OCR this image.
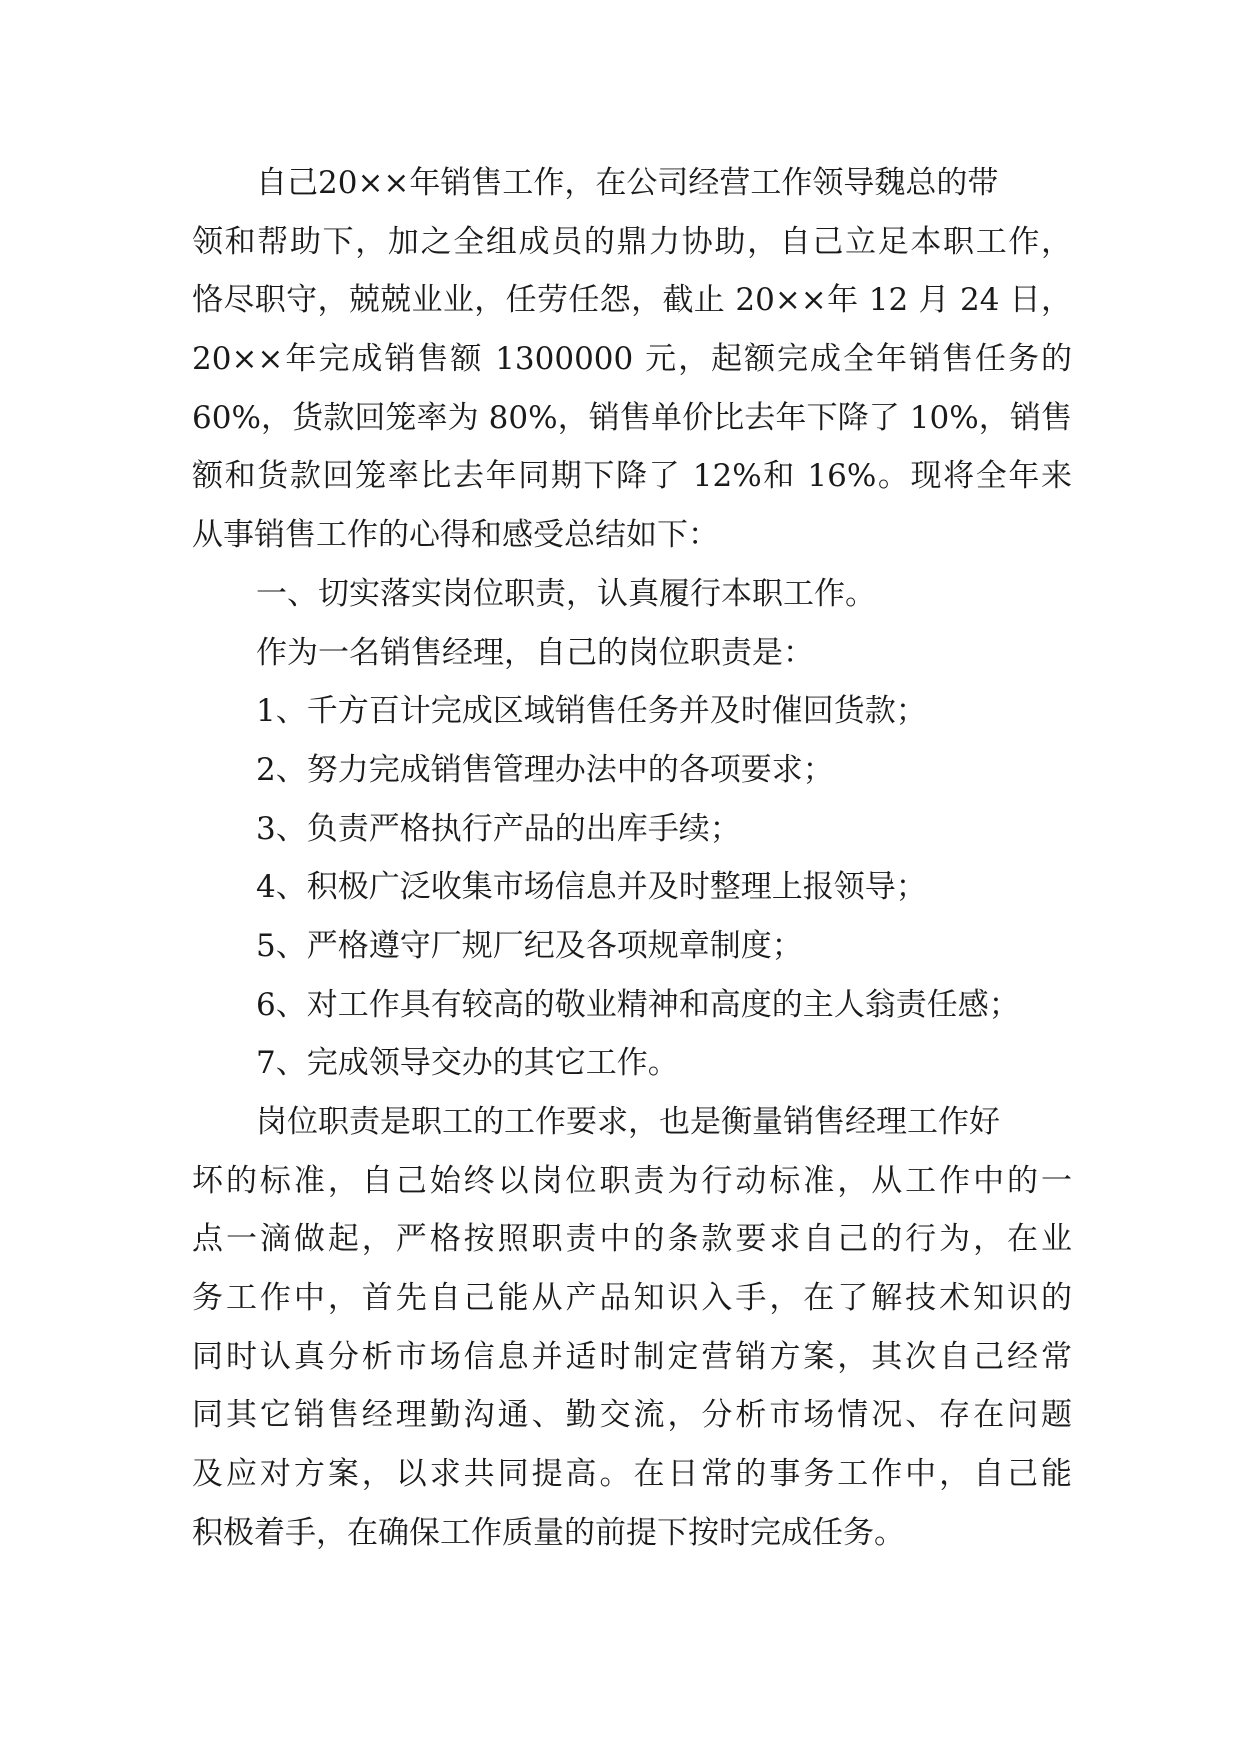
自己20××年销售工作，在公司经营工作领导魏总的带
领和帮助下，加之全组成员的鼎力协助，自己立足本职工作，
恪尽职守，兢兢业业，任劳任怨，截止 20××年 12 月 24 日，
20××年完成销售额 1300000 元，起额完成全年销售任务的
60%，货款回笼率为 80%，销售单价比去年下降了 10%，销售
额和货款回笼率比去年同期下降了 12%和 16%。现将全年来
从事销售工作的心得和感受总结如下：
一、切实落实岗位职责，认真履行本职工作。
作为一名销售经理，自己的岗位职责是：
1、千方百计完成区域销售任务并及时催回货款；
2、努力完成销售管理办法中的各项要求；
3、负责严格执行产品的出库手续；
4、积极广泛收集市场信息并及时整理上报领导；
5、严格遵守厂规厂纪及各项规章制度；
6、对工作具有较高的敬业精神和高度的主人翁责任感；
7、完成领导交办的其它工作。
岗位职责是职工的工作要求，也是衡量销售经理工作好
坏的标准，自己始终以岗位职责为行动标准，从工作中的一
点一滴做起，严格按照职责中的条款要求自己的行为，在业
务工作中，首先自己能从产品知识入手，在了解技术知识的
同时认真分析市场信息并适时制定营销方案，其次自己经常
同其它销售经理勤沟通、勤交流，分析市场情况、存在问题
及应对方案，以求共同提高。在日常的事务工作中，自己能
积极着手，在确保工作质量的前提下按时完成任务。
